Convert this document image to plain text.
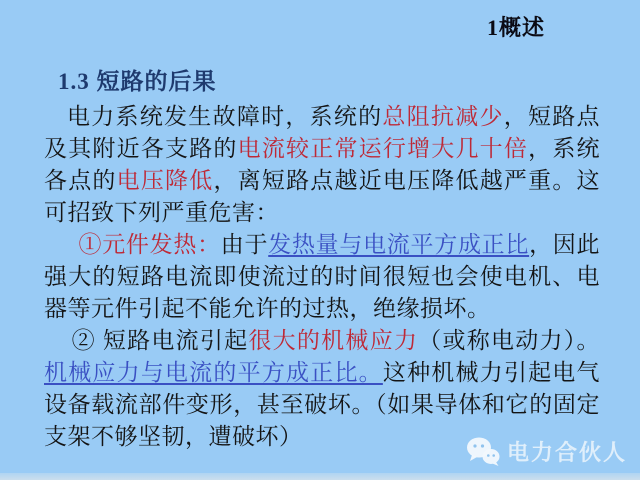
1概述
1.3 短路的后果

电力系统发生故障时，系统的总阻抗减少，短路点及其附近各支路的电流较正常运行增大几十倍，系统各点的电压降低，离短路点越近电压降低越严重。这可招致下列严重危害：

①元件发热：由于发热量与电流平方成正比，因此强大的短路电流即使流过的时间很短也会使电机、电器等元件引起不能允许的过热，绝缘损坏。

② 短路电流引起很大的机械应力（或称电动力）。机械应力与电流的平方成正比。这种机械力引起电气设备载流部件变形，甚至破坏。（如果导体和它的固定支架不够坚韧，遭破坏）

电力合伙人
